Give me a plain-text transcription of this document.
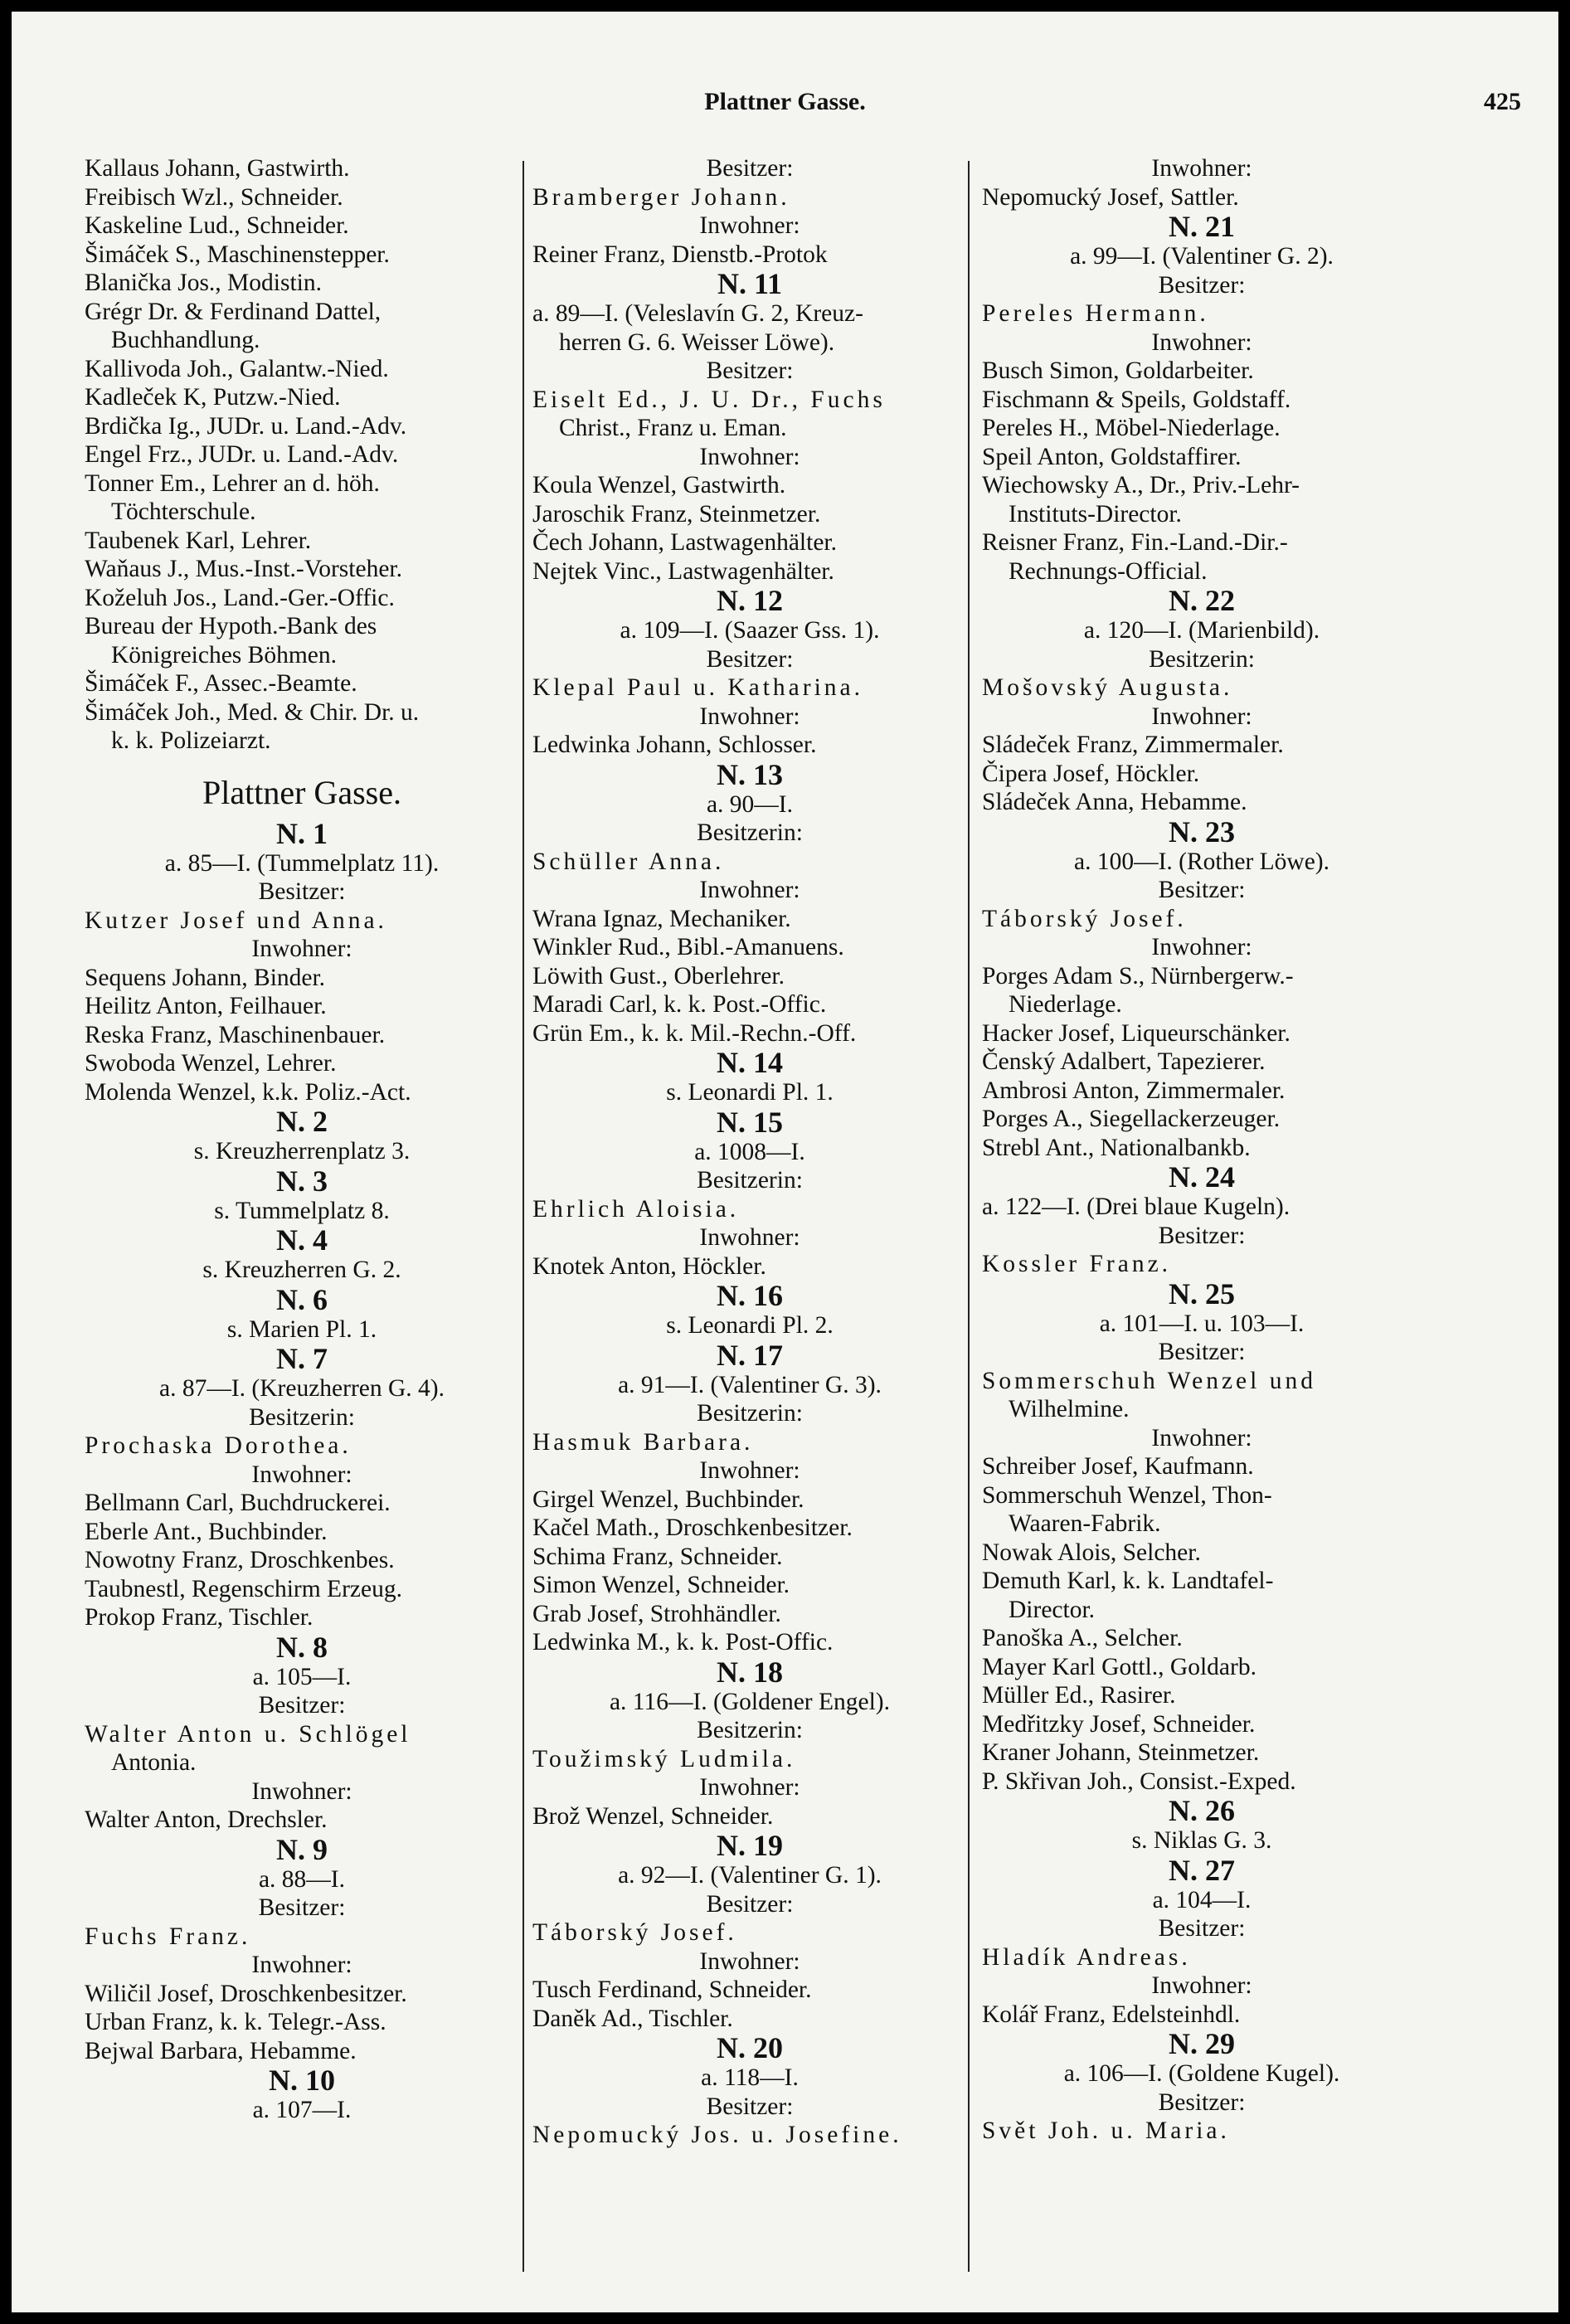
Plattner Gasse.	425
Kallaus Johann, Gastwirth.
Freibisch Wzl., Schneider.
Kaskeline Lud., Schneider.
Šimáček S., Maschinenstepper.
Blanička Jos., Modistin.
Grégr Dr. & Ferdinand Dattel,
Buchhandlung.
Kallivoda Joh., Galantw.-Nied.
Kadleček K, Putzw.-Nied.
Brdička Ig., JUDr. u. Land.-Adv.
Engel Frz., JUDr. u. Land.-Adv.
Tonner Em., Lehrer an d. höh.
Töchterschule.
Taubenek Karl, Lehrer.
Waňaus J., Mus.-Inst.-Vorsteher.
Koželuh Jos., Land.-Ger.-Offic.
Bureau der Hypoth.-Bank des
Königreiches Böhmen.
Šimáček F., Assec.-Beamte.
Šimáček Joh., Med. & Chir. Dr. u.
k. k. Polizeiarzt.
Plattner Gasse.
N. 1
a. 85—I. (Tummelplatz 11).
Besitzer:
Kutzer Josef und Anna.
Inwohner:
Sequens Johann, Binder.
Heilitz Anton, Feilhauer.
Reska Franz, Maschinenbauer.
Swoboda Wenzel, Lehrer.
Molenda Wenzel, k.k. Poliz.-Act.
N. 2
s. Kreuzherrenplatz 3.
N. 3
s. Tummelplatz 8.
N. 4
s. Kreuzherren G. 2.
N. 6
s. Marien Pl. 1.
N. 7
a. 87—I. (Kreuzherren G. 4).
Besitzerin:
Prochaska Dorothea.
Inwohner:
Bellmann Carl, Buchdruckerei.
Eberle Ant., Buchbinder.
Nowotny Franz, Droschkenbes.
Taubnestl, Regenschirm Erzeug.
Prokop Franz, Tischler.
N. 8
a. 105—I.
Besitzer:
Walter Anton u. Schlögel
Antonia.
Inwohner:
Walter Anton, Drechsler.
N. 9
a. 88—I.
Besitzer:
Fuchs Franz.
Inwohner:
Wiličil Josef, Droschkenbesitzer.
Urban Franz, k. k. Telegr.-Ass.
Bejwal Barbara, Hebamme.
N. 10
a. 107—I.
Besitzer:
Bramberger Johann.
Inwohner:
Reiner Franz, Dienstb.-Protok
N. 11
a. 89—I. (Veleslavín G. 2, Kreuz-
herren G. 6. Weisser Löwe).
Besitzer:
Eiselt Ed., J. U. Dr., Fuchs
Christ., Franz u. Eman.
Inwohner:
Koula Wenzel, Gastwirth.
Jaroschik Franz, Steinmetzer.
Čech Johann, Lastwagenhälter.
Nejtek Vinc., Lastwagenhälter.
N. 12
a. 109—I. (Saazer Gss. 1).
Besitzer:
Klepal Paul u. Katharina.
Inwohner:
Ledwinka Johann, Schlosser.
N. 13
a. 90—I.
Besitzerin:
Schüller Anna.
Inwohner:
Wrana Ignaz, Mechaniker.
Winkler Rud., Bibl.-Amanuens.
Löwith Gust., Oberlehrer.
Maradi Carl, k. k. Post.-Offic.
Grün Em., k. k. Mil.-Rechn.-Off.
N. 14
s. Leonardi Pl. 1.
N. 15
a. 1008—I.
Besitzerin:
Ehrlich Aloisia.
Inwohner:
Knotek Anton, Höckler.
N. 16
s. Leonardi Pl. 2.
N. 17
a. 91—I. (Valentiner G. 3).
Besitzerin:
Hasmuk Barbara.
Inwohner:
Girgel Wenzel, Buchbinder.
Kačel Math., Droschkenbesitzer.
Schima Franz, Schneider.
Simon Wenzel, Schneider.
Grab Josef, Strohhändler.
Ledwinka M., k. k. Post-Offic.
N. 18
a. 116—I. (Goldener Engel).
Besitzerin:
Toužimský Ludmila.
Inwohner:
Brož Wenzel, Schneider.
N. 19
a. 92—I. (Valentiner G. 1).
Besitzer:
Táborský Josef.
Inwohner:
Tusch Ferdinand, Schneider.
Daněk Ad., Tischler.
N. 20
a. 118—I.
Besitzer:
Nepomucký Jos. u. Josefine.
Inwohner:
Nepomucký Josef, Sattler.
N. 21
a. 99—I. (Valentiner G. 2).
Besitzer:
Pereles Hermann.
Inwohner:
Busch Simon, Goldarbeiter.
Fischmann & Speils, Goldstaff.
Pereles H., Möbel-Niederlage.
Speil Anton, Goldstaffirer.
Wiechowsky A., Dr., Priv.-Lehr-
Instituts-Director.
Reisner Franz, Fin.-Land.-Dir.-
Rechnungs-Official.
N. 22
a. 120—I. (Marienbild).
Besitzerin:
Mošovský Augusta.
Inwohner:
Sládeček Franz, Zimmermaler.
Čipera Josef, Höckler.
Sládeček Anna, Hebamme.
N. 23
a. 100—I. (Rother Löwe).
Besitzer:
Táborský Josef.
Inwohner:
Porges Adam S., Nürnbergerw.-
Niederlage.
Hacker Josef, Liqueurschänker.
Čenský Adalbert, Tapezierer.
Ambrosi Anton, Zimmermaler.
Porges A., Siegellackerzeuger.
Strebl Ant., Nationalbankb.
N. 24
a. 122—I. (Drei blaue Kugeln).
Besitzer:
Kossler Franz.
N. 25
a. 101—I. u. 103—I.
Besitzer:
Sommerschuh Wenzel und
Wilhelmine.
Inwohner:
Schreiber Josef, Kaufmann.
Sommerschuh Wenzel, Thon-
Waaren-Fabrik.
Nowak Alois, Selcher.
Demuth Karl, k. k. Landtafel-
Director.
Panoška A., Selcher.
Mayer Karl Gottl., Goldarb.
Müller Ed., Rasirer.
Medřitzky Josef, Schneider.
Kraner Johann, Steinmetzer.
P. Skřivan Joh., Consist.-Exped.
N. 26
s. Niklas G. 3.
N. 27
a. 104—I.
Besitzer:
Hladík Andreas.
Inwohner:
Kolář Franz, Edelsteinhdl.
N. 29
a. 106—I. (Goldene Kugel).
Besitzer:
Svět Joh. u. Maria.
